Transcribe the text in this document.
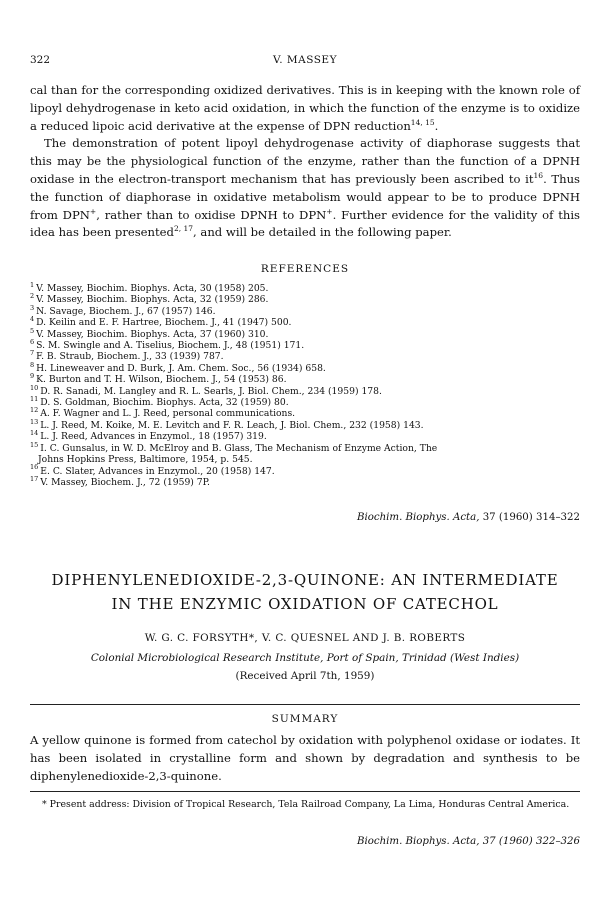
322	V. MASSEY

cal than for the corresponding oxidized derivatives. This is in keeping with the known role of lipoyl dehydrogenase in keto acid oxidation, in which the function of the enzyme is to oxidize a reduced lipoic acid derivative at the expense of DPN reduction$^{14, 15}$.

The demonstration of potent lipoyl dehydrogenase activity of diaphorase suggests that this may be the physiological function of the enzyme, rather than the function of a DPNH oxidase in the electron-transport mechanism that has previously been ascribed to $it^{16}$. Thus the function of diaphorase in oxidative metabolism would appear to be to produce DPNH from DPN+, rather than to oxidise DPNH to DPN+. Further evidence for the validity of this idea has been presented$^{2, 17}$, and will be detailed in the following paper.

REFERENCES
$^1$ V. Massey, Biochim. Biophys. Acta, 30 (1958) 205.
$^2$ V. Massey, Biochim. Biophys. Acta, 32 (1959) 286.
$^3$ N. Savage, Biochem. J., 67 (1957) 146.
$^4$ D. Keilin and E. F. Hartree, Biochem. J., 41 (1947) 500.
$^5$ V. Massey, Biochim. Biophys. Acta, 37 (1960) 310.
$^6$ S. M. Swingle and A. Tiselius, Biochem. J., 48 (1951) 171.
$^7$ F. B. Straub, Biochem. J., 33 (1939) 787.
$^8$ H. Lineweaver and D. Burk, J. Am. Chem. Soc., 56 (1934) 658.
$^9$ K. Burton and T. H. Wilson, Biochem. J., 54 (1953) 86.
$^{10}$ D. R. Sanadi, M. Langley and R. L. Searls, J. Biol. Chem., 234 (1959) 178.
$^{11}$ D. S. Goldman, Biochim. Biophys. Acta, 32 (1959) 80.
$^{12}$ A. F. Wagner and L. J. Reed, personal communications.
$^{13}$ L. J. Reed, M. Koike, M. E. Levitch and F. R. Leach, J. Biol. Chem., 232 (1958) 143.
$^{14}$ L. J. Reed, Advances in Enzymol., 18 (1957) 319.
$^{15}$ I. C. Gunsalus, in W. D. McElroy and B. Glass, The Mechanism of Enzyme Action, The
Johns Hopkins Press, Baltimore, 1954, p. 545.
$^{16}$ E. C. Slater, Advances in Enzymol., 20 (1958) 147.
$^{17}$ V. Massey, Biochem. J., 72 (1959) 7P.
Biochim. Biophys. Acta, 37 (1960) 314–322
DIPHENYLENEDIOXIDE-2,3-QUINONE: AN INTERMEDIATE
IN THE ENZYMIC OXIDATION OF CATECHOL
W. G. C. FORSYTH*, V. C. QUESNEL AND J. B. ROBERTS
Colonial Microbiological Research Institute, Port of Spain, Trinidad (West Indies)
(Received April 7th, 1959)
SUMMARY

A yellow quinone is formed from catechol by oxidation with polyphenol oxidase or iodates. It has been isolated in crystalline form and shown by degradation and synthesis to be diphenylenedioxide-2,3-quinone.

* Present address: Division of Tropical Research, Tela Railroad Company, La Lima, Honduras Central America.

Biochim. Biophys. Acta, 37 (1960) 322–326
